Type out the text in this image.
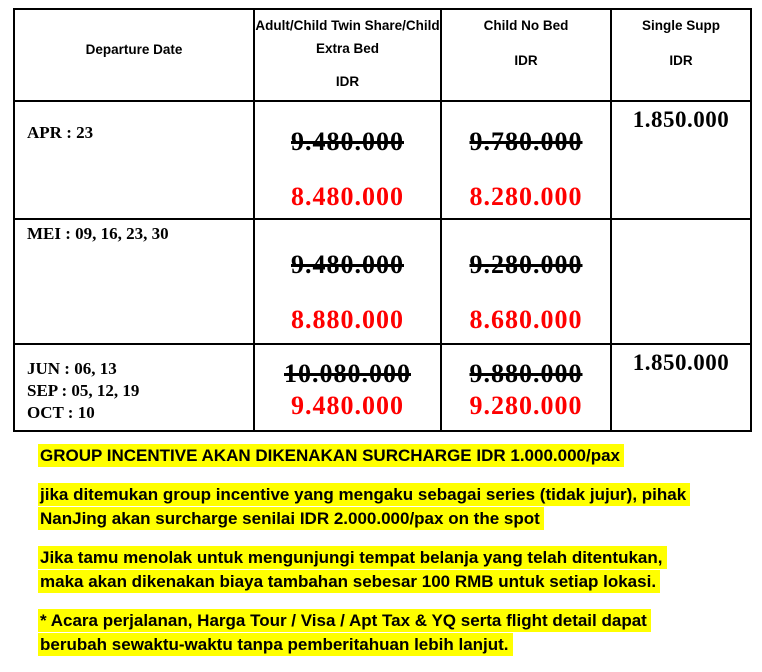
Departure Date
Adult/Child Twin Share/Child
Extra Bed
IDR
Child No Bed
IDR
Single Supp
IDR
APR : 23	9.480.000
8.480.000
9.780.000
8.280.000
1.850.000
MEI : 09, 16, 23, 30
9.480.000
8.880.000
9.280.000
8.680.000
JUN : 06, 13
SEP : 05, 12, 19
OCT : 10
10.080.000
9.480.000
9.880.000
9.280.000
1.850.000
GROUP INCENTIVE AKAN DIKENAKAN SURCHARGE IDR 1.000.000/pax
jika ditemukan group incentive yang mengaku sebagai series (tidak jujur), pihak
NanJing akan surcharge senilai IDR 2.000.000/pax on the spot
Jika tamu menolak untuk mengunjungi tempat belanja yang telah ditentukan,
maka akan dikenakan biaya tambahan sebesar 100 RMB untuk setiap lokasi.
* Acara perjalanan, Harga Tour / Visa / Apt Tax & YQ serta flight detail dapat
berubah sewaktu-waktu tanpa pemberitahuan lebih lanjut.
